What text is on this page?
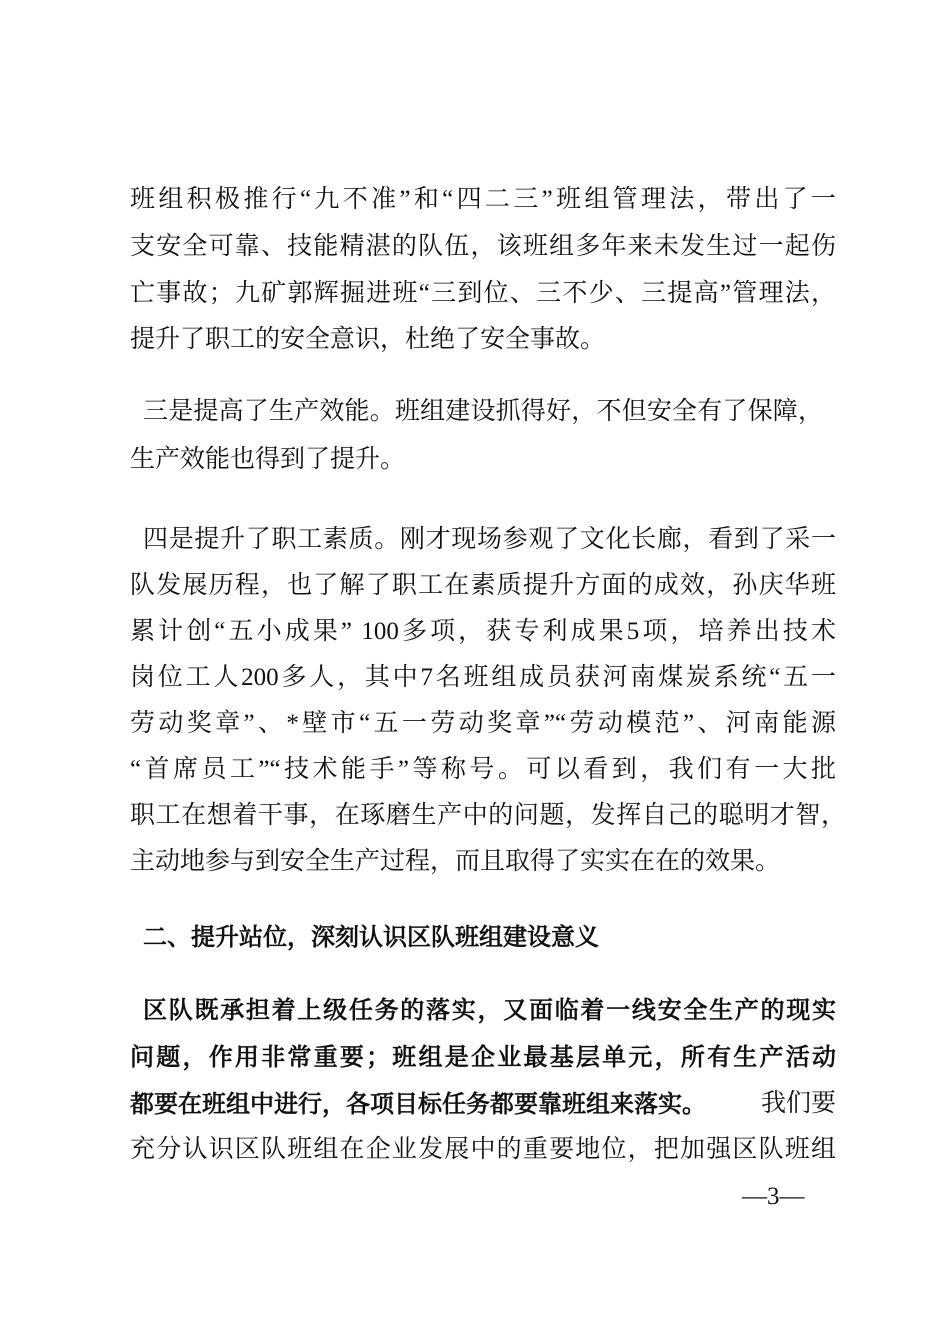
班组积极推行“九不准”和“四二三”班组管理法，带出了一
支安全可靠、技能精湛的队伍，该班组多年来未发生过一起伤
亡事故；九矿郭辉掘进班“三到位、三不少、三提高”管理法，
提升了职工的安全意识，杜绝了安全事故。
三是提高了生产效能。班组建设抓得好，不但安全有了保障，
生产效能也得到了提升。
四是提升了职工素质。刚才现场参观了文化长廊，看到了采一
队发展历程，也了解了职工在素质提升方面的成效，孙庆华班
累计创“五小成果” 100多项，获专利成果5项，培养出技术
岗位工人200多人，其中7名班组成员获河南煤炭系统“五一
劳动奖章”、*壁市“五一劳动奖章”“劳动模范”、河南能源
“首席员工”“技术能手”等称号。可以看到，我们有一大批
职工在想着干事，在琢磨生产中的问题，发挥自己的聪明才智，
主动地参与到安全生产过程，而且取得了实实在在的效果。
二、提升站位，深刻认识区队班组建设意义
区队既承担着上级任务的落实，又面临着一线安全生产的现实
问题，作用非常重要；班组是企业最基层单元，所有生产活动
都要在班组中进行，各项目标任务都要靠班组来落实。 我们要
充分认识区队班组在企业发展中的重要地位，把加强区队班组
—3—
